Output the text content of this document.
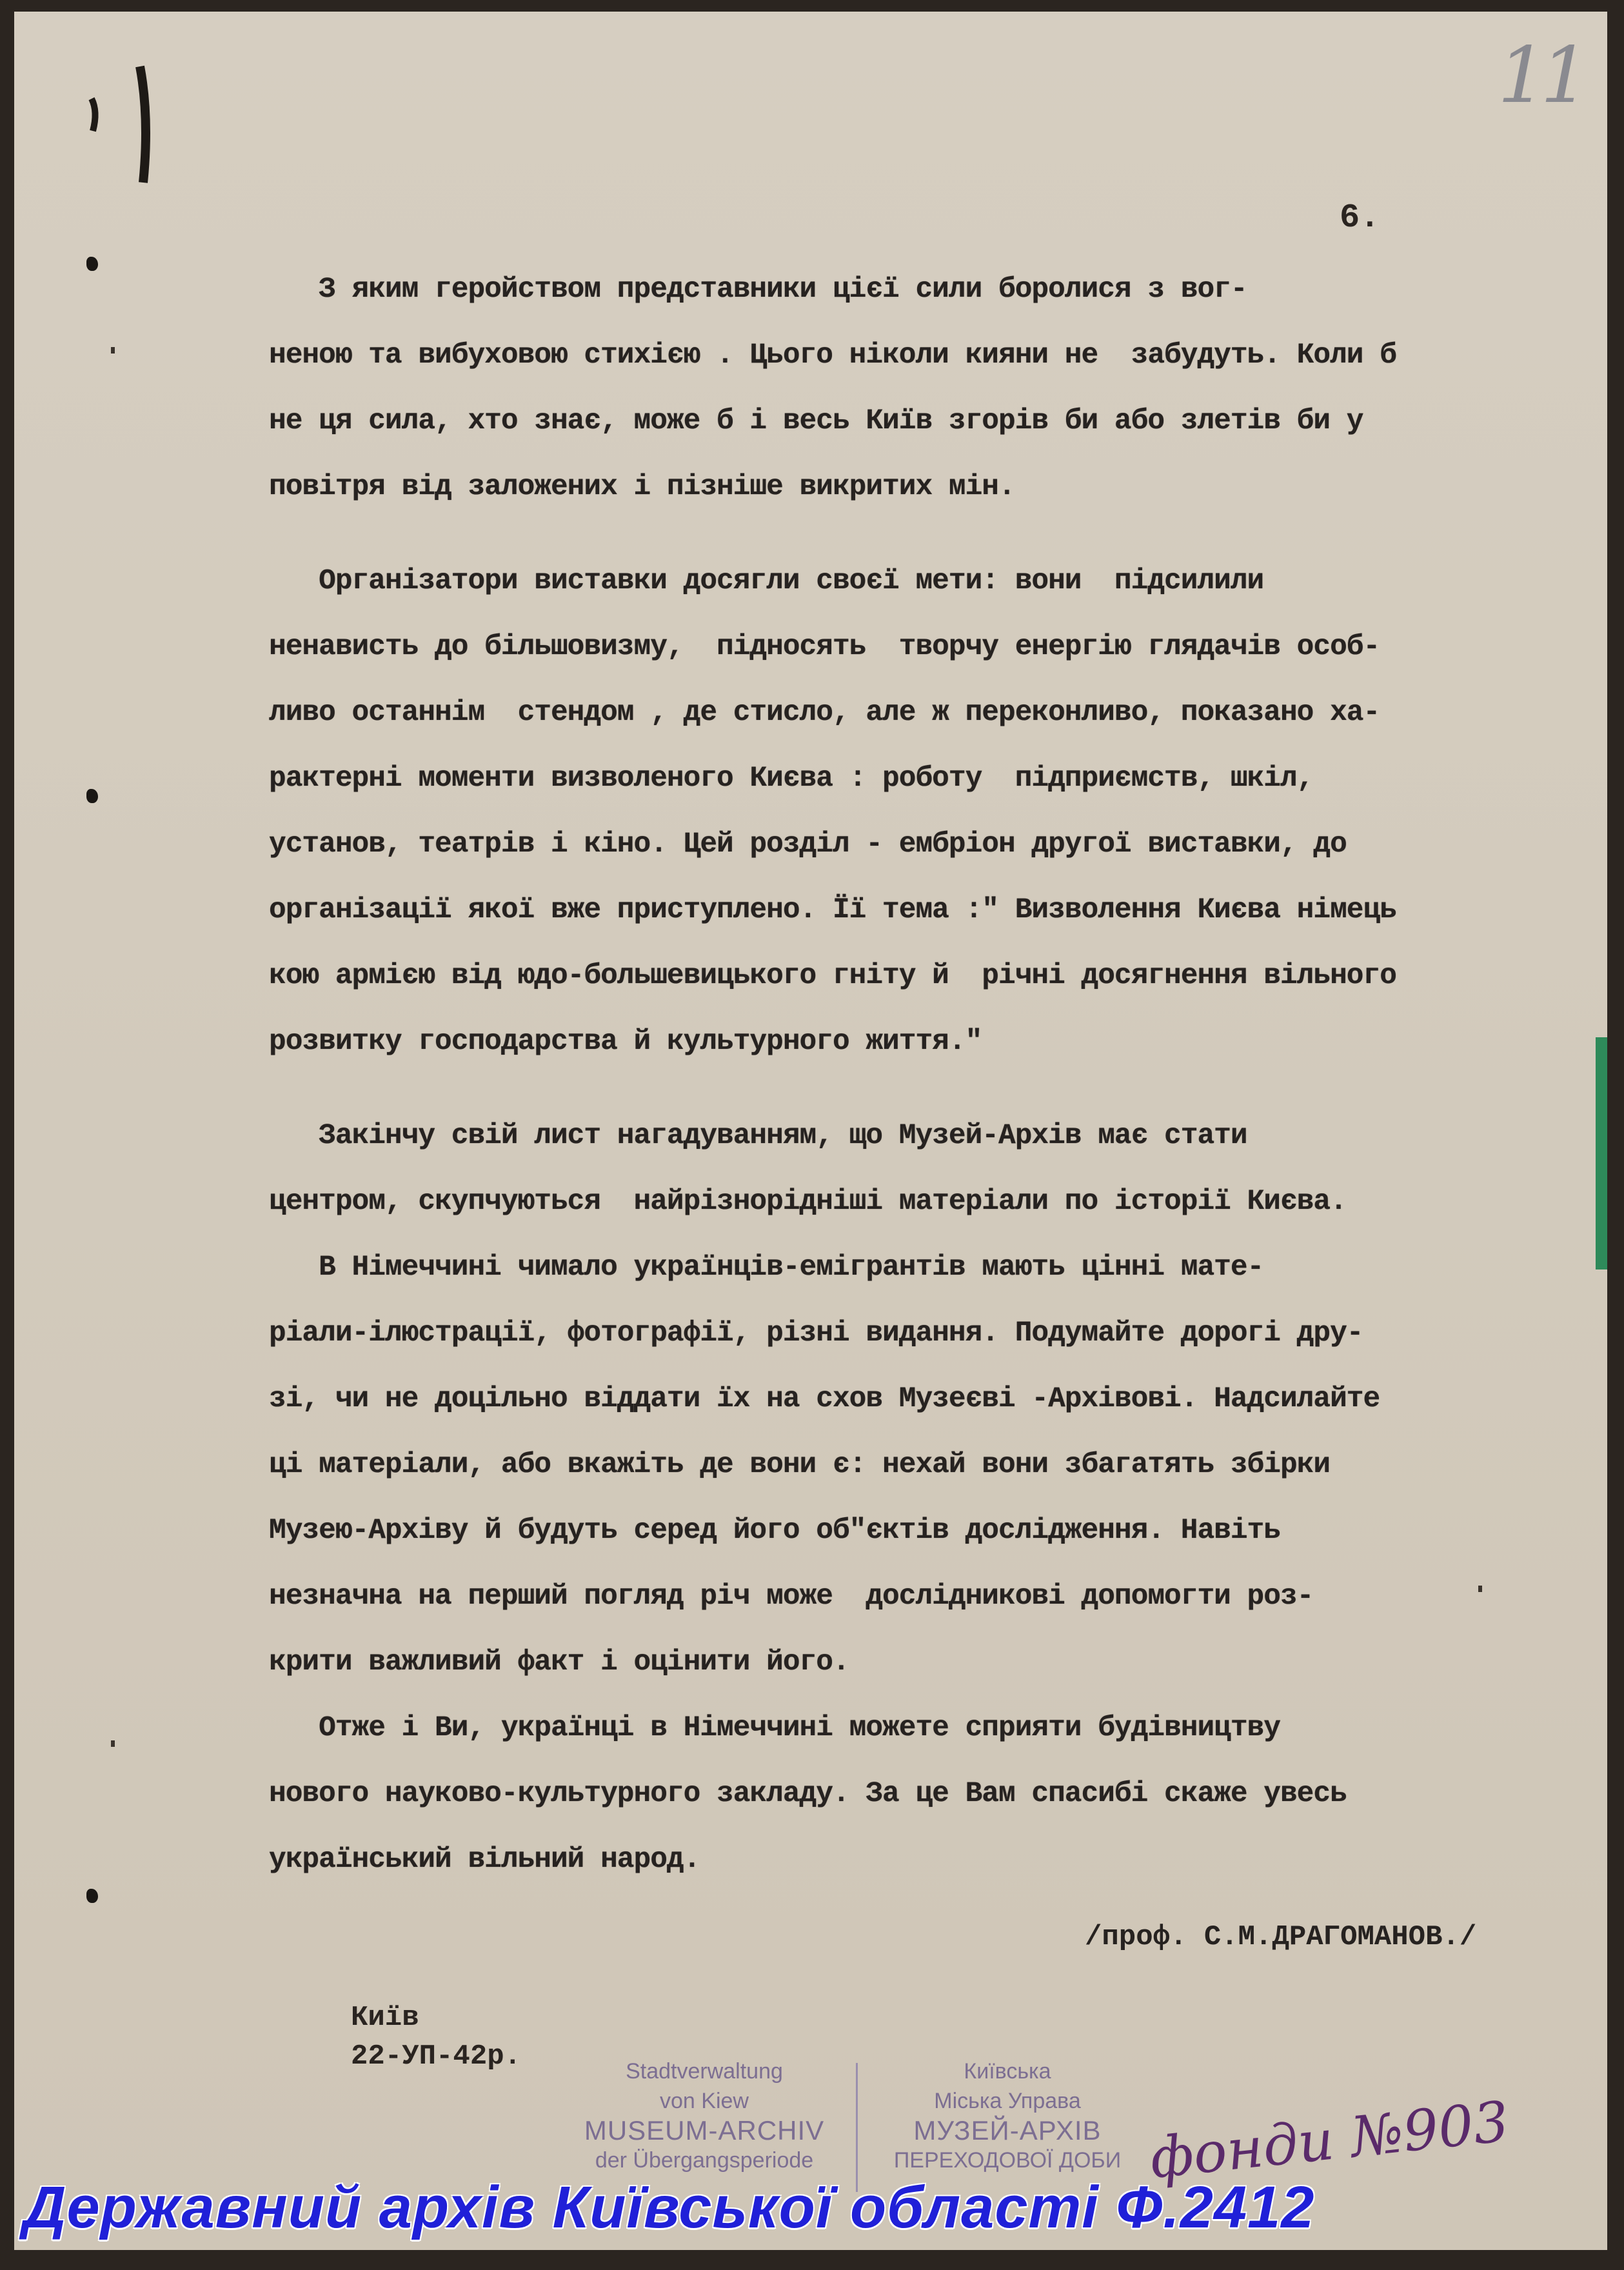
11
6.
З яким геройством представники цієї сили боролися з вог-
неною та вибуховою стихією . Цього ніколи кияни не  забудуть. Коли б
не ця сила, хто знає, може б і весь Київ згорів би або злетів би у
повітря від заложених і пізніше викритих мін.
Організатори виставки досягли своєї мети: вони  підсилили
ненависть до більшовизму,  підносять  творчу енергію глядачів особ-
ливо останнім  стендом , де стисло, але ж переконливо, показано ха-
рактерні моменти визволеного Києва : роботу  підприємств, шкіл,
установ, театрів і кіно. Цей розділ - ембріон другої виставки, до
організації якої вже приступлено. Її тема :" Визволення Києва німець
кою армією від юдо-большевицького гніту й  річні досягнення вільного
розвитку господарства й культурного життя."
Закінчу свій лист нагадуванням, що Музей-Архів має стати
центром, скупчуються  найрізнорідніші матеріали по історії Києва.
В Німеччині чимало українців-емігрантів мають цінні мате-
ріали-ілюстрації, фотографії, різні видання. Подумайте дорогі дру-
зі, чи не доцільно віддати їх на схов Музеєві -Архівові. Надсилайте
ці матеріали, або вкажіть де вони є: нехай вони збагатять збірки
Музею-Архіву й будуть серед його об"єктів дослідження. Навіть
незначна на перший погляд річ може  дослідникові допомогти роз-
крити важливий факт і оцінити його.
Отже і Ви, українці в Німеччині можете сприяти будівництву
нового науково-культурного закладу. За це Вам спасибі скаже увесь
український вільний народ.
/проф. С.М.ДРАГОМАНОВ./
Київ
22-УП-42р.	Stadtverwaltung
von Kiew
MUSEUM-ARCHIV
der Übergangsperiode
Київська
Міська Управа
МУЗЕЙ-АРХІВ
ПЕРЕХОДОВОЇ ДОБИ фонди №903
Державний архів Київської області Ф.2412
